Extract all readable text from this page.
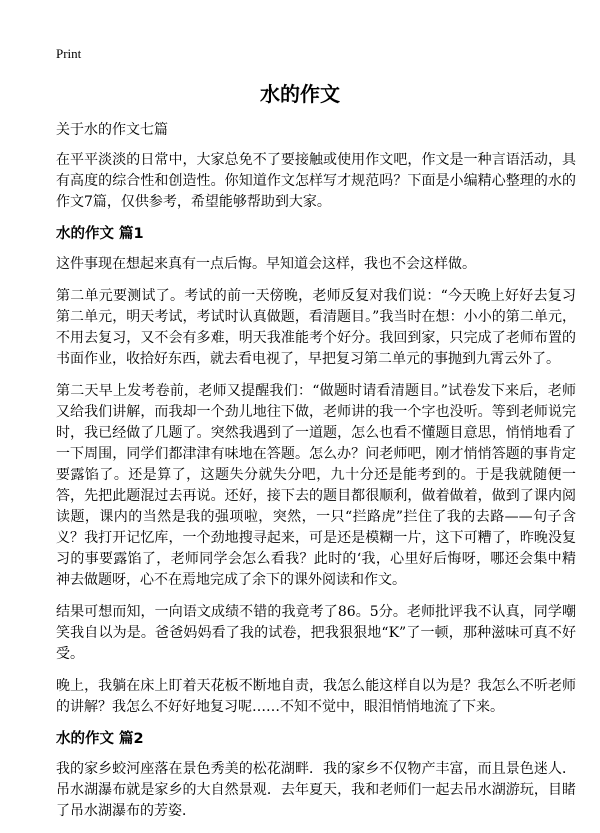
Print
水的作文

关于水的作文七篇

在平平淡淡的日常中，大家总免不了要接触或使用作文吧，作文是一种言语活动，具有高度的综合性和创造性。你知道作文怎样写才规范吗？下面是小编精心整理的水的作文7篇，仅供参考，希望能够帮助到大家。

水的作文 篇1

这件事现在想起来真有一点后悔。早知道会这样，我也不会这样做。

第二单元要测试了。考试的前一天傍晚，老师反复对我们说：“今天晚上好好去复习第二单元，明天考试，考试时认真做题，看清题目。”我当时在想：小小的第二单元，不用去复习，又不会有多难，明天我准能考个好分。我回到家，只完成了老师布置的书面作业，收拾好东西，就去看电视了，早把复习第二单元的事抛到九霄云外了。

第二天早上发考卷前，老师又提醒我们：“做题时请看清题目。”试卷发下来后，老师又给我们讲解，而我却一个劲儿地往下做，老师讲的我一个字也没听。等到老师说完时，我已经做了几题了。突然我遇到了一道题，怎么也看不懂题目意思，悄悄地看了一下周围，同学们都津津有味地在答题。怎么办？问老师吧，刚才悄悄答题的事肯定要露馅了。还是算了，这题失分就失分吧，九十分还是能考到的。于是我就随便一答，先把此题混过去再说。还好，接下去的题目都很顺利，做着做着，做到了课内阅读题，课内的当然是我的强项啦，突然，一只“拦路虎”拦住了我的去路——句子含义？我打开记忆库，一个劲地搜寻起来，可是还是模糊一片，这下可糟了，昨晚没复习的事要露馅了，老师同学会怎么看我？此时的‘我，心里好后悔呀，哪还会集中精神去做题呀，心不在焉地完成了余下的课外阅读和作文。

结果可想而知，一向语文成绩不错的我竟考了86。5分。老师批评我不认真，同学嘲笑我自以为是。爸爸妈妈看了我的试卷，把我狠狠地“K”了一顿，那种滋味可真不好受。

晚上，我躺在床上盯着天花板不断地自责，我怎么能这样自以为是？我怎么不听老师的讲解？我怎么不好好地复习呢……不知不觉中，眼泪悄悄地流了下来。

水的作文 篇2

我的家乡蛟河座落在景色秀美的松花湖畔．我的家乡不仅物产丰富，而且景色迷人．吊水湖瀑布就是家乡的大自然景观．去年夏天，我和老师们一起去吊水湖游玩，目睹了吊水湖瀑布的芳姿．
